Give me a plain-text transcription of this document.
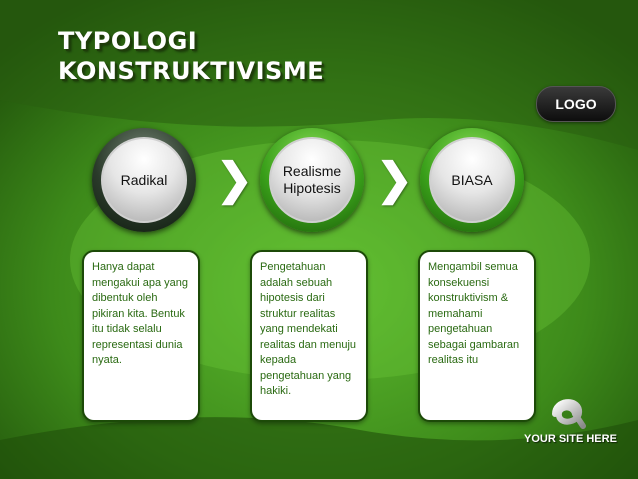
TYPOLOGI
KONSTRUKTIVISME
LOGO
Radikal	❯ Realisme
Hipotesis ❯	BIASA

Hanya dapat mengakui apa yang dibentuk oleh pikiran kita. Bentuk itu tidak selalu representasi dunia nyata.

Pengetahuan adalah sebuah hipotesis dari struktur realitas yang mendekati realitas dan menuju kepada pengetahuan yang hakiki.

Mengambil semua konsekuensi konstruktivism & memahami pengetahuan sebagai gambaran realitas itu

YOUR SITE HERE
